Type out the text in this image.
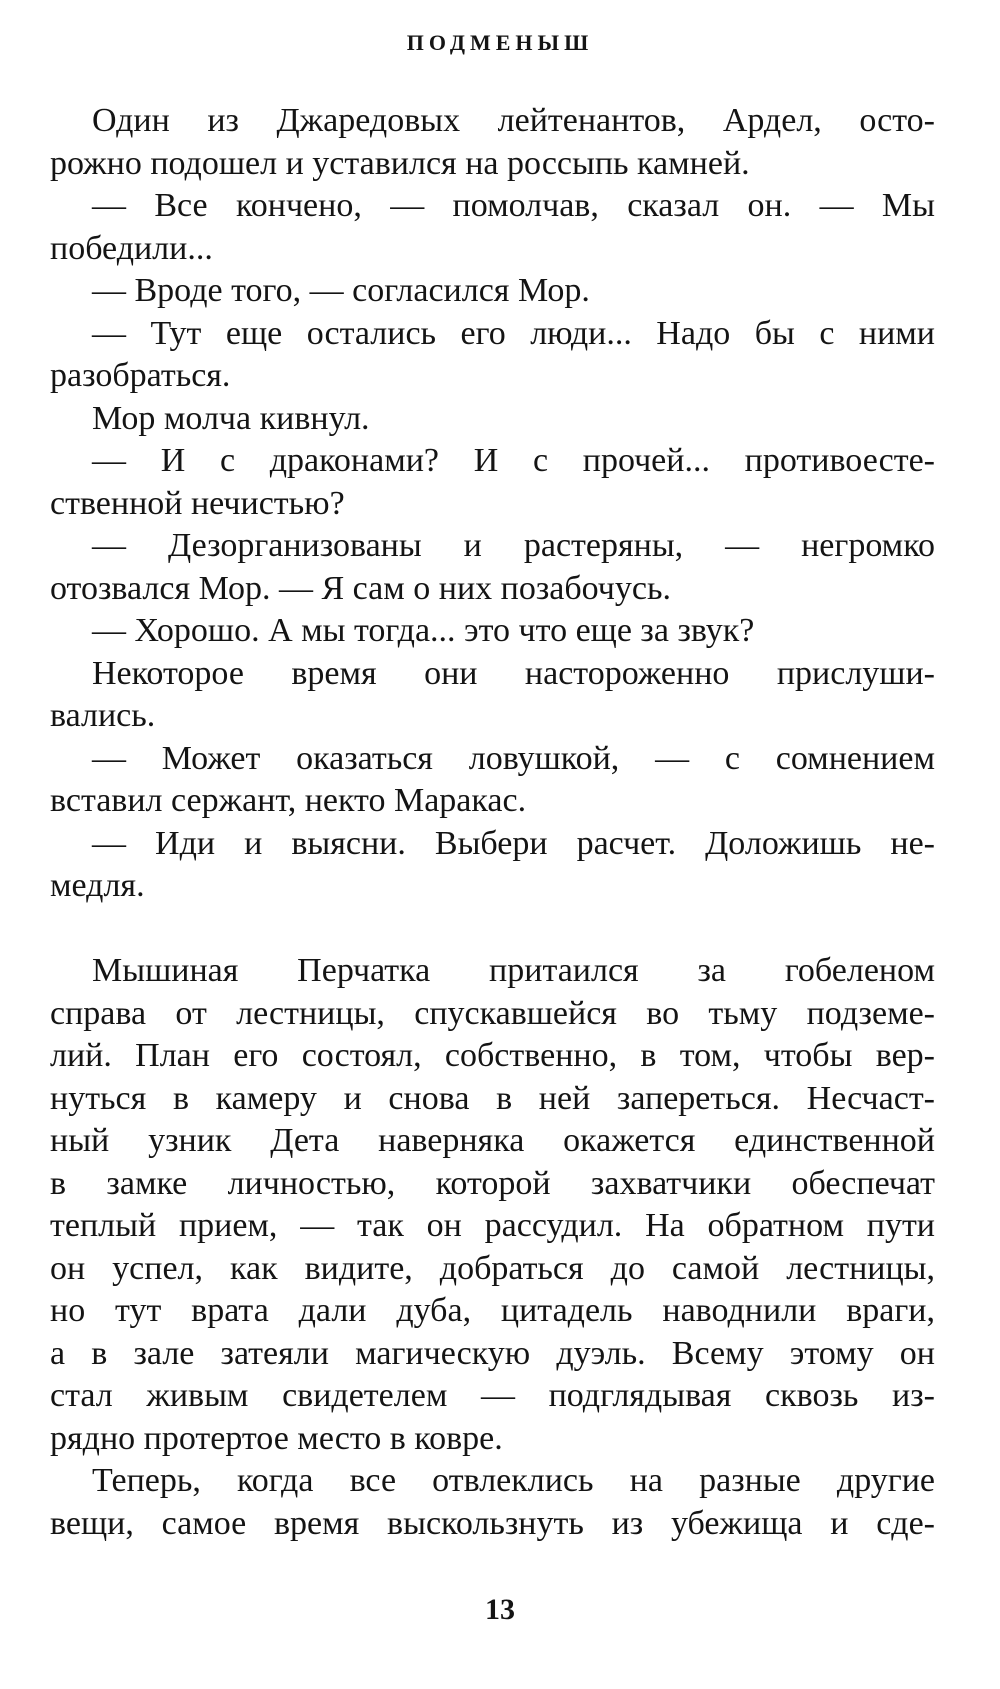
ПОДМЕНЫШ
Один из Джаредовых лейтенантов, Ардел, осто-
рожно подошел и уставился на россыпь камней.
— Все кончено, — помолчав, сказал он. — Мы
победили...
— Вроде того, — согласился Мор.
— Тут еще остались его люди... Надо бы с ними
разобраться.
Мор молча кивнул.
— И с драконами? И с прочей... противоесте-
ственной нечистью?
— Дезорганизованы и растеряны, — негромко
отозвался Мор. — Я сам о них позабочусь.
— Хорошо. А мы тогда... это что еще за звук?
Некоторое время они настороженно прислуши-
вались.
— Может оказаться ловушкой, — с сомнением
вставил сержант, некто Маракас.
— Иди и выясни. Выбери расчет. Доложишь не-
медля.
Мышиная Перчатка притаился за гобеленом
справа от лестницы, спускавшейся во тьму подземе-
лий. План его состоял, собственно, в том, чтобы вер-
нуться в камеру и снова в ней запереться. Несчаст-
ный узник Дета наверняка окажется единственной
в замке личностью, которой захватчики обеспечат
теплый прием, — так он рассудил. На обратном пути
он успел, как видите, добраться до самой лестницы,
но тут врата дали дуба, цитадель наводнили враги,
а в зале затеяли магическую дуэль. Всему этому он
стал живым свидетелем — подглядывая сквозь из-
рядно протертое место в ковре.
Теперь, когда все отвлеклись на разные другие
вещи, самое время выскользнуть из убежища и сде-
13
